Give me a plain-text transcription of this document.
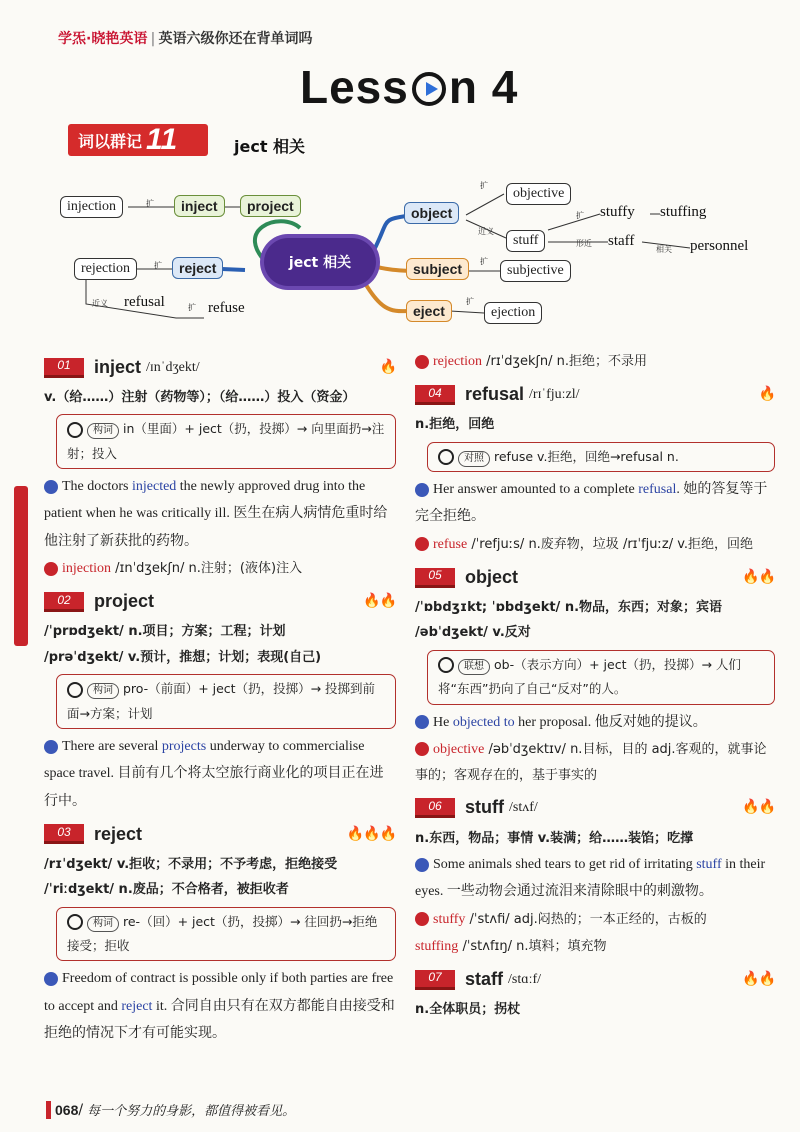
学炁·晓艳英语 | 英语六级你还在背单词吗
Less n 4
词以群记 11	ject 相关
injection	扩	inject	project
rejection	扩	reject
近义 refusal	扩 refuse
ject 相关
object
扩
objective
近义
stuff
扩 stuffy stuffing
形近 staff
相关 personnel
subject	扩
subjective
eject
扩
ejection
01	inject /ɪnˈdʒekt/	🔥
v.（给……）注射（药物等）；（给……）投入（资金）
构词 in（里面）+ ject（扔，投掷）→ 向里面扔→注射；投入
The doctors injected the newly approved drug into the patient when he was critically ill. 医生在病人病情危重时给他注射了新获批的药物。
injection /ɪnˈdʒekʃn/ n.注射；(液体)注入
02	project	🔥🔥
/ˈprɒdʒekt/ n.项目；方案；工程；计划
/prəˈdʒekt/ v.预计，推想；计划；表现(自己)
构词 pro-（前面）+ ject（扔，投掷）→ 投掷到前面→方案；计划
There are several projects underway to commercialise space travel. 目前有几个将太空旅行商业化的项目正在进行中。
03	reject	🔥🔥🔥
/rɪˈdʒekt/ v.拒收；不录用；不予考虑，拒绝接受
/ˈriːdʒekt/ n.废品；不合格者，被拒收者
构词 re-（回）+ ject（扔，投掷）→ 往回扔→拒绝接受；拒收
Freedom of contract is possible only if both parties are free to accept and reject it. 合同自由只有在双方都能自由接受和拒绝的情况下才有可能实现。
rejection /rɪˈdʒekʃn/ n.拒绝；不录用
04	refusal /rɪˈfjuːzl/	🔥
n.拒绝，回绝
对照 refuse v.拒绝，回绝→refusal n.
Her answer amounted to a complete refusal. 她的答复等于完全拒绝。
refuse /ˈrefjuːs/ n.废弃物，垃圾 /rɪˈfjuːz/ v.拒绝，回绝
05	object	🔥🔥
/ˈɒbdʒɪkt; ˈɒbdʒekt/ n.物品，东西；对象；宾语
/əbˈdʒekt/ v.反对
联想 ob-（表示方向）+ ject（扔，投掷）→ 人们将“东西”扔向了自己“反对”的人。
He objected to her proposal. 他反对她的提议。
objective /əbˈdʒektɪv/ n.目标，目的 adj.客观的，就事论事的；客观存在的，基于事实的
06	stuff /stʌf/	🔥🔥
n.东西，物品；事情 v.装满；给……装馅；吃撑
Some animals shed tears to get rid of irritating stuff in their eyes. 一些动物会通过流泪来清除眼中的刺激物。
stuffy /ˈstʌfi/ adj.闷热的；一本正经的，古板的
stuffing /ˈstʌfɪŋ/ n.填料；填充物
07	staff /stɑːf/	🔥🔥
n.全体职员；拐杖
068 / 每一个努力的身影，都值得被看见。
